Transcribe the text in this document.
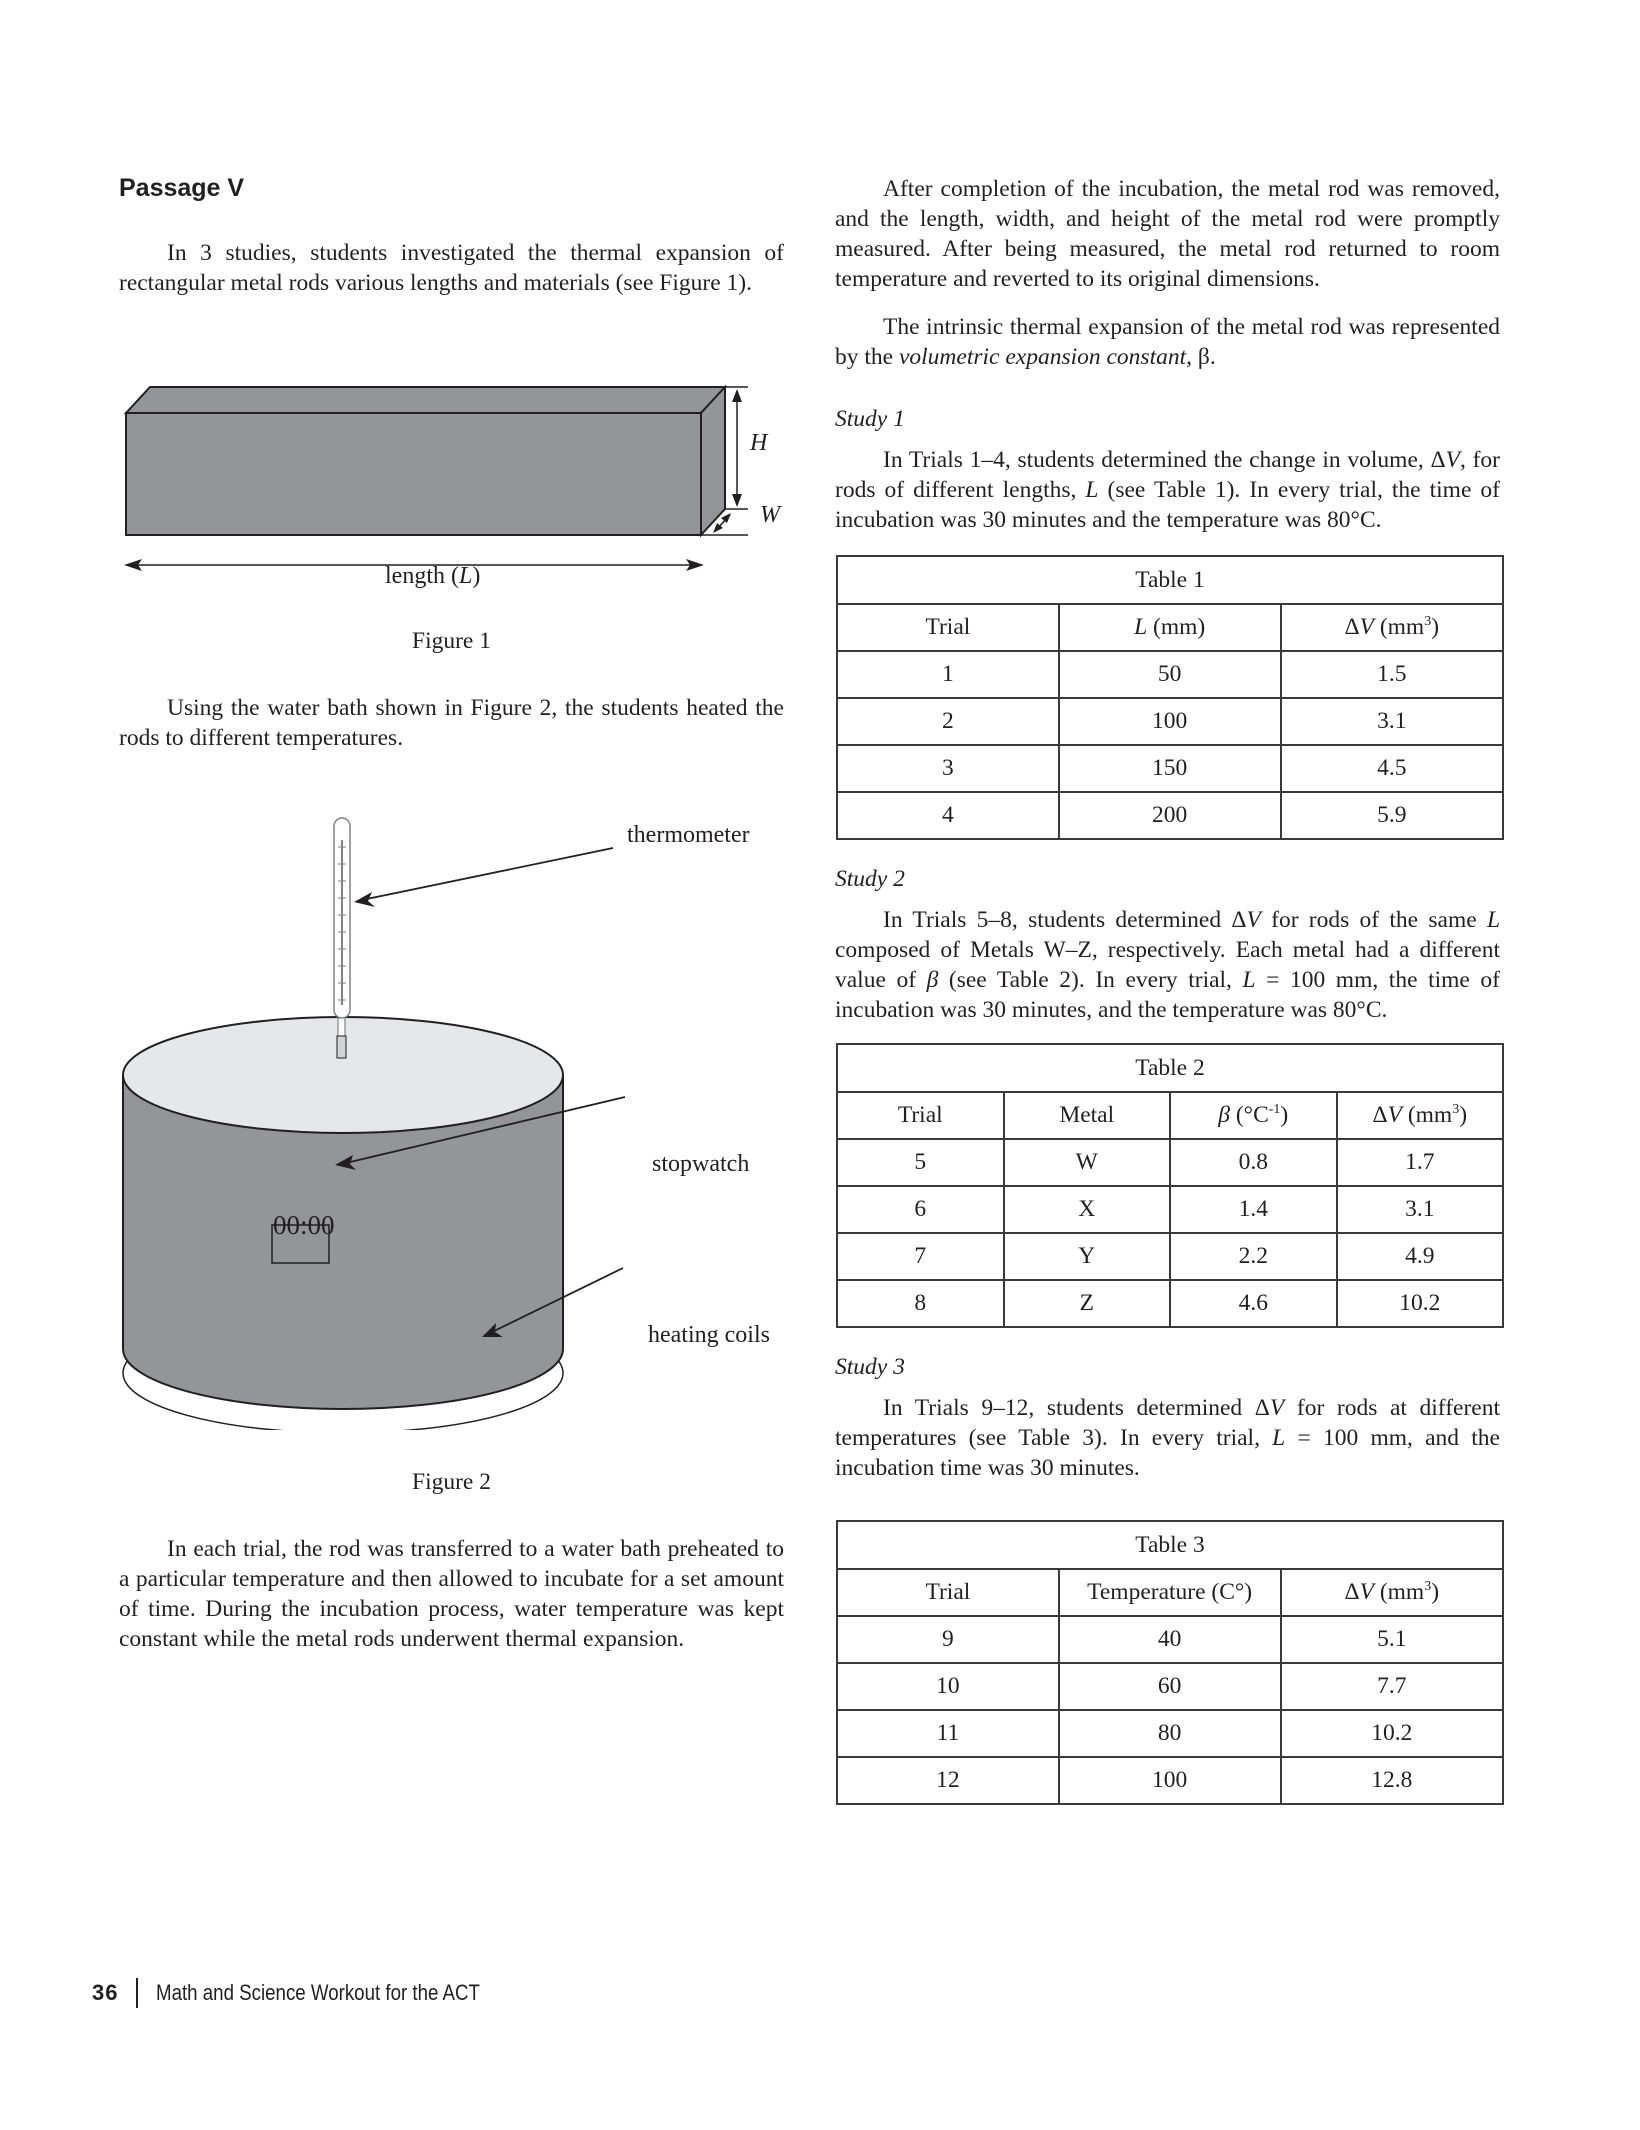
Passage V

In 3 studies, students investigated the thermal expansion of rectangular metal rods various lengths and materials (see Figure 1).

H
W
length (L)
Figure 1

Using the water bath shown in Figure 2, the students heated the rods to different temperatures.

thermometer
stopwatch
heating coils
00:00
Figure 2

In each trial, the rod was transferred to a water bath preheated to a particular temperature and then allowed to incubate for a set amount of time. During the incubation process, water temperature was kept constant while the metal rods underwent thermal expansion.

After completion of the incubation, the metal rod was removed, and the length, width, and height of the metal rod were promptly measured. After being measured, the metal rod returned to room temperature and reverted to its original dimensions.

The intrinsic thermal expansion of the metal rod was represented by the volumetric expansion constant, β.

Study 1

In Trials 1–4, students determined the change in volume, ΔV, for rods of different lengths, L (see Table 1). In every trial, the time of incubation was 30 minutes and the temperature was 80°C.

Table 1		
Trial	L (mm)	ΔV $(mm^3)$
1	50	1.5
2	100	3.1
3	150	4.5
4	200	5.9
Study 2

In Trials 5–8, students determined ΔV for rods of the same L composed of Metals W–Z, respectively. Each metal had a different value of β (see Table 2). In every trial, L = 100 mm, the time of incubation was 30 minutes, and the temperature was 80°C.

Table 2			
Trial	Metal	β $(^\circ C^{-1})$	ΔV $(mm^3)$
5	W	0.8	1.7
6	X	1.4	3.1
7	Y	2.2	4.9
8	Z	4.6	10.2
Study 3

In Trials 9–12, students determined ΔV for rods at different temperatures (see Table 3). In every trial, L = 100 mm, and the incubation time was 30 minutes.

Table 3		
Trial	Temperature (C°)	ΔV $(mm^3)$
9	40	5.1
10	60	7.7
11	80	10.2
12	100	12.8
36 Math and Science Workout for the ACT
